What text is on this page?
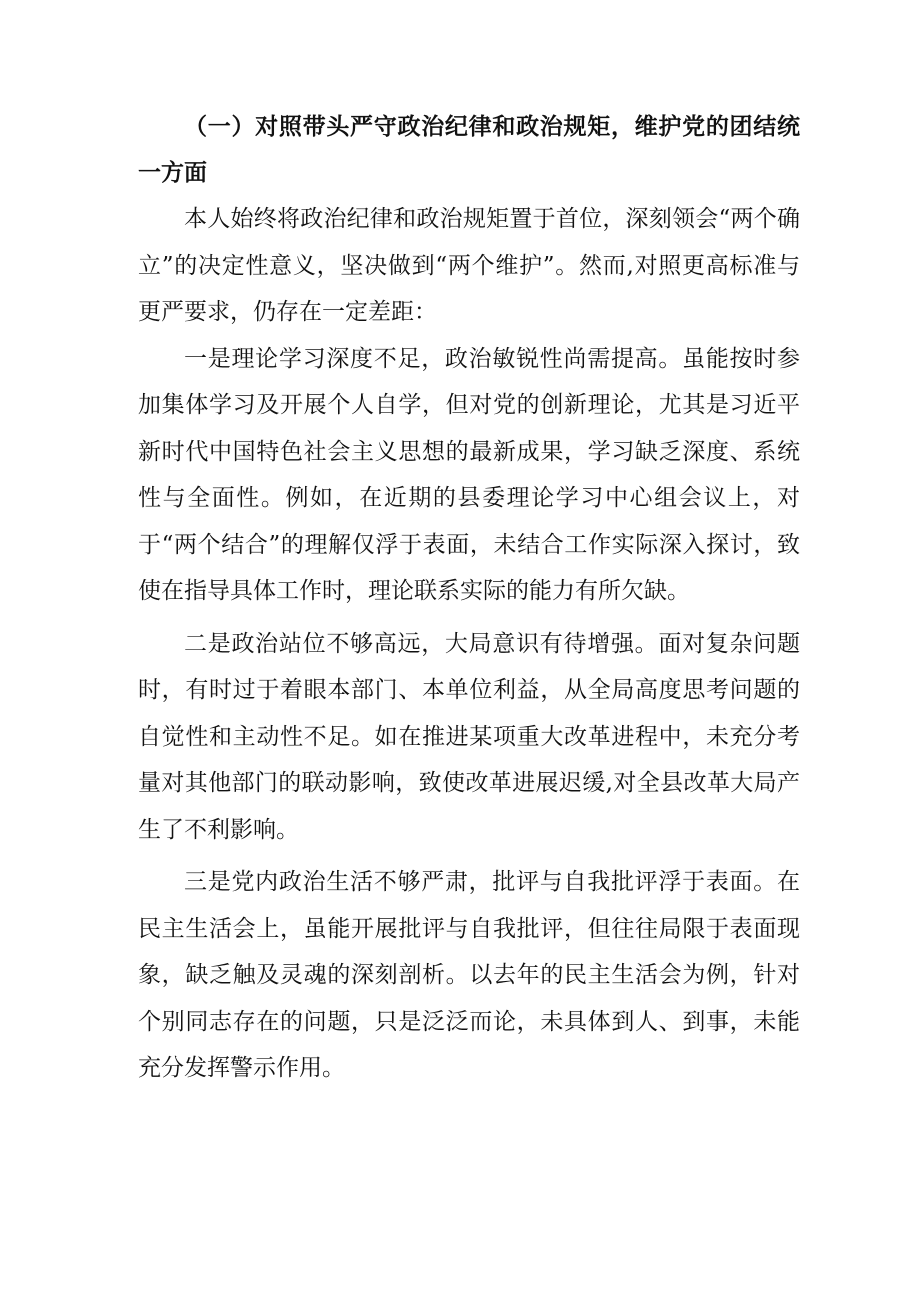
（一）对照带头严守政治纪律和政治规矩，维护党的团结统一方面

本人始终将政治纪律和政治规矩置于首位，深刻领会“两个确立”的决定性意义，坚决做到“两个维护”。然而,对照更高标准与更严要求，仍存在一定差距：

一是理论学习深度不足，政治敏锐性尚需提高。虽能按时参加集体学习及开展个人自学，但对党的创新理论，尤其是习近平新时代中国特色社会主义思想的最新成果，学习缺乏深度、系统性与全面性。例如，在近期的县委理论学习中心组会议上，对于“两个结合”的理解仅浮于表面，未结合工作实际深入探讨，致使在指导具体工作时，理论联系实际的能力有所欠缺。

二是政治站位不够高远，大局意识有待增强。面对复杂问题时，有时过于着眼本部门、本单位利益，从全局高度思考问题的自觉性和主动性不足。如在推进某项重大改革进程中，未充分考量对其他部门的联动影响，致使改革进展迟缓,对全县改革大局产生了不利影响。

三是党内政治生活不够严肃，批评与自我批评浮于表面。在民主生活会上，虽能开展批评与自我批评，但往往局限于表面现象，缺乏触及灵魂的深刻剖析。以去年的民主生活会为例，针对个别同志存在的问题，只是泛泛而论，未具体到人、到事，未能充分发挥警示作用。
